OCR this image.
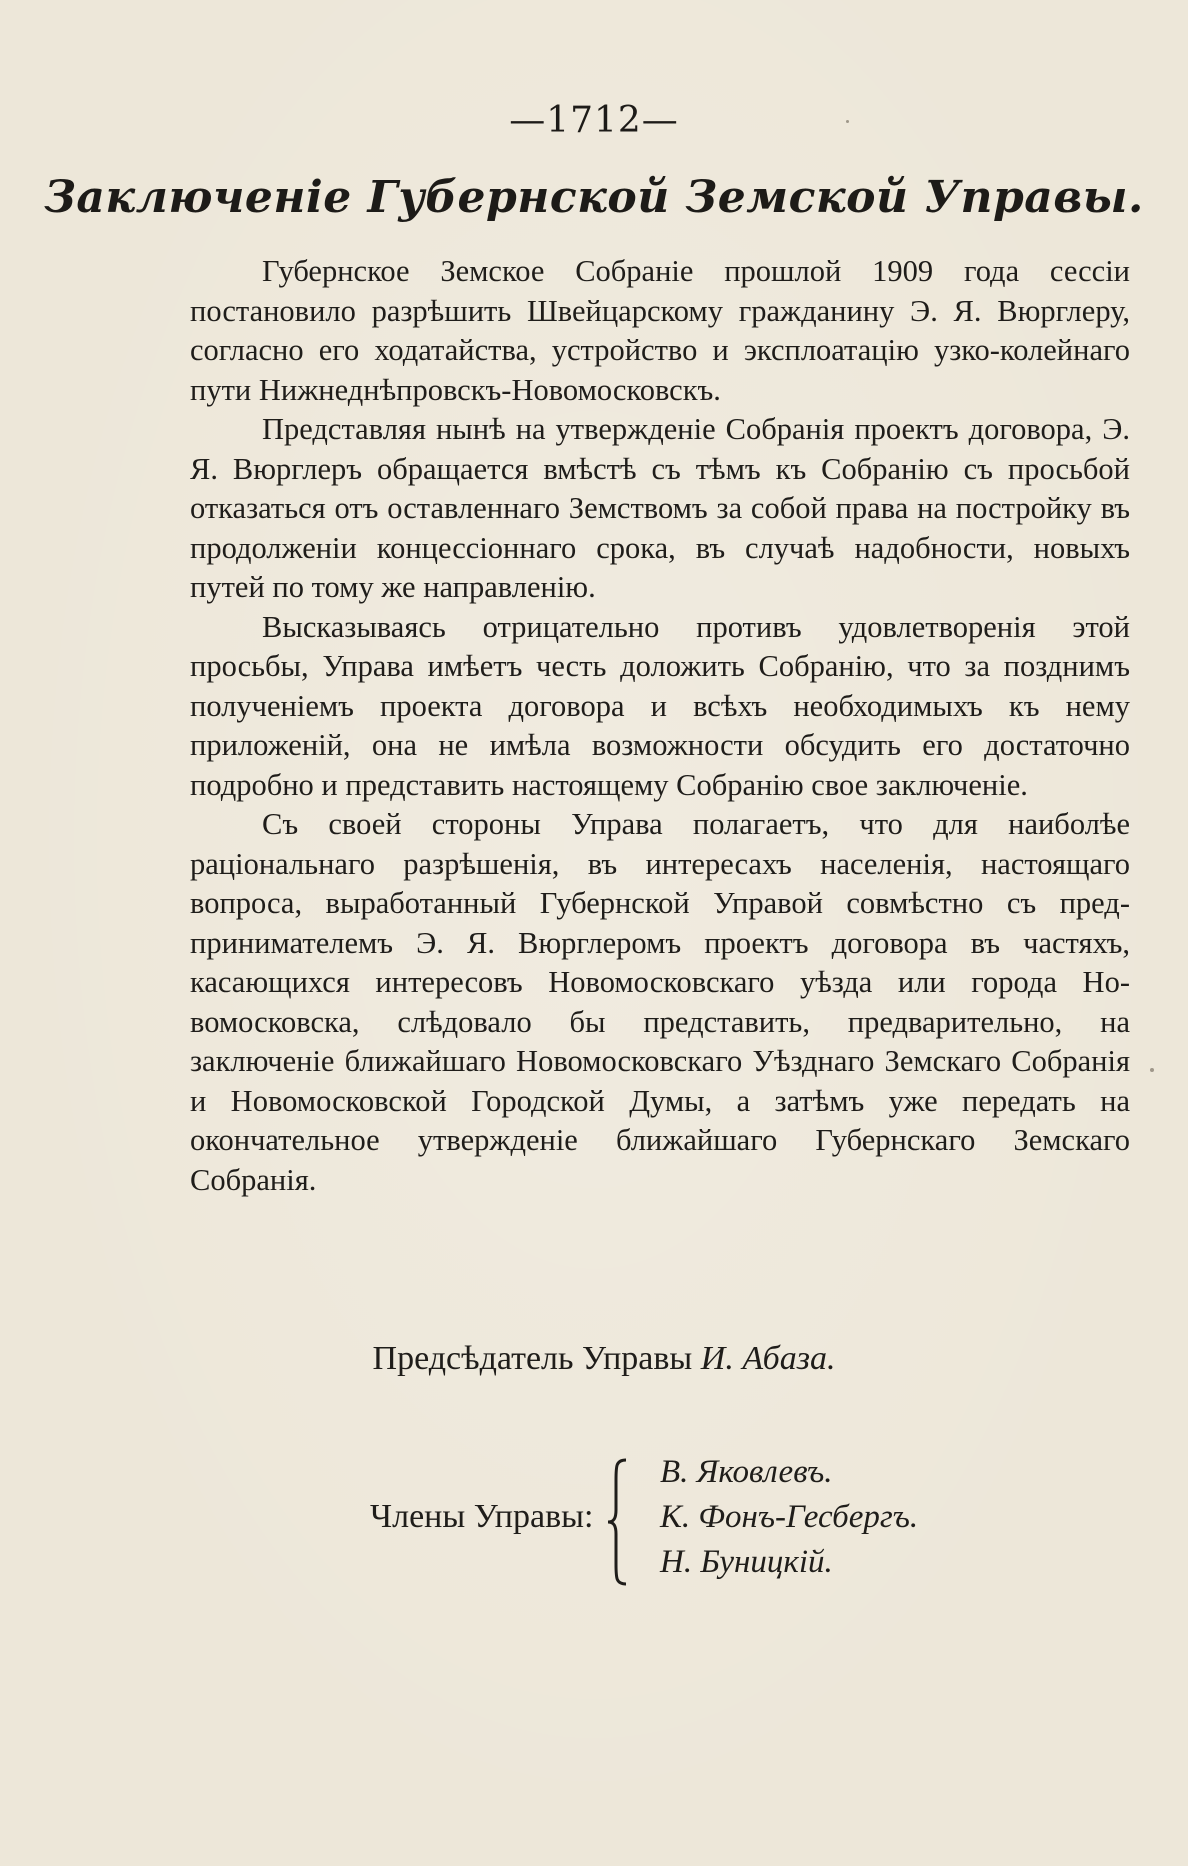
—1712—
Заключеніе Губернской Земской Управы.

Губернское Земское Собраніе прошлой 1909 года сессіи постановило разрѣшить Швейцарскому гражданину Э. Я. Вюрглеру, согласно его ходатайства, устройство и эксплоатацію узко-колейнаго пути Нижнеднѣпровскъ-Новомосковскъ.

Представляя нынѣ на утвержденіе Собранія проектъ договора, Э. Я. Вюрглеръ обращается вмѣстѣ съ тѣмъ къ Собранію съ просьбой отказаться отъ оставленнаго Земствомъ за собой права на постройку въ продолженіи концессіоннаго срока, въ случаѣ надобности, новыхъ путей по тому же направленію.

Высказываясь отрицательно противъ удовлетворенія этой просьбы, Управа имѣетъ честь доложить Собранію, что за позднимъ полученіемъ проекта договора и всѣхъ необходимыхъ къ нему приложеній, она не имѣла возможности обсудить его достаточно подробно и представить настоящему Собранію свое заключеніе.

Съ своей стороны Управа полагаетъ, что для наиболѣе раціональнаго разрѣшенія, въ интересахъ населенія, настоящаго вопроса, выработанный Губернской Управой совмѣстно съ предпринимателемъ Э. Я. Вюрглеромъ проектъ договора въ частяхъ, касающихся интересовъ Новомосковскаго уѣзда или города Новомосковска, слѣдовало бы представить, предварительно, на заключеніе ближайшаго Новомосковскаго Уѣзднаго Земскаго Собранія и Новомосковской Городской Думы, а затѣмъ уже передать на окончательное утвержденіе ближайшаго Губернскаго Земскаго Собранія.

Предсѣдатель Управы И. Абаза.
Члены Управы:
В. Яковлевъ.
К. Фонъ-Гесбергъ.
Н. Буницкій.
